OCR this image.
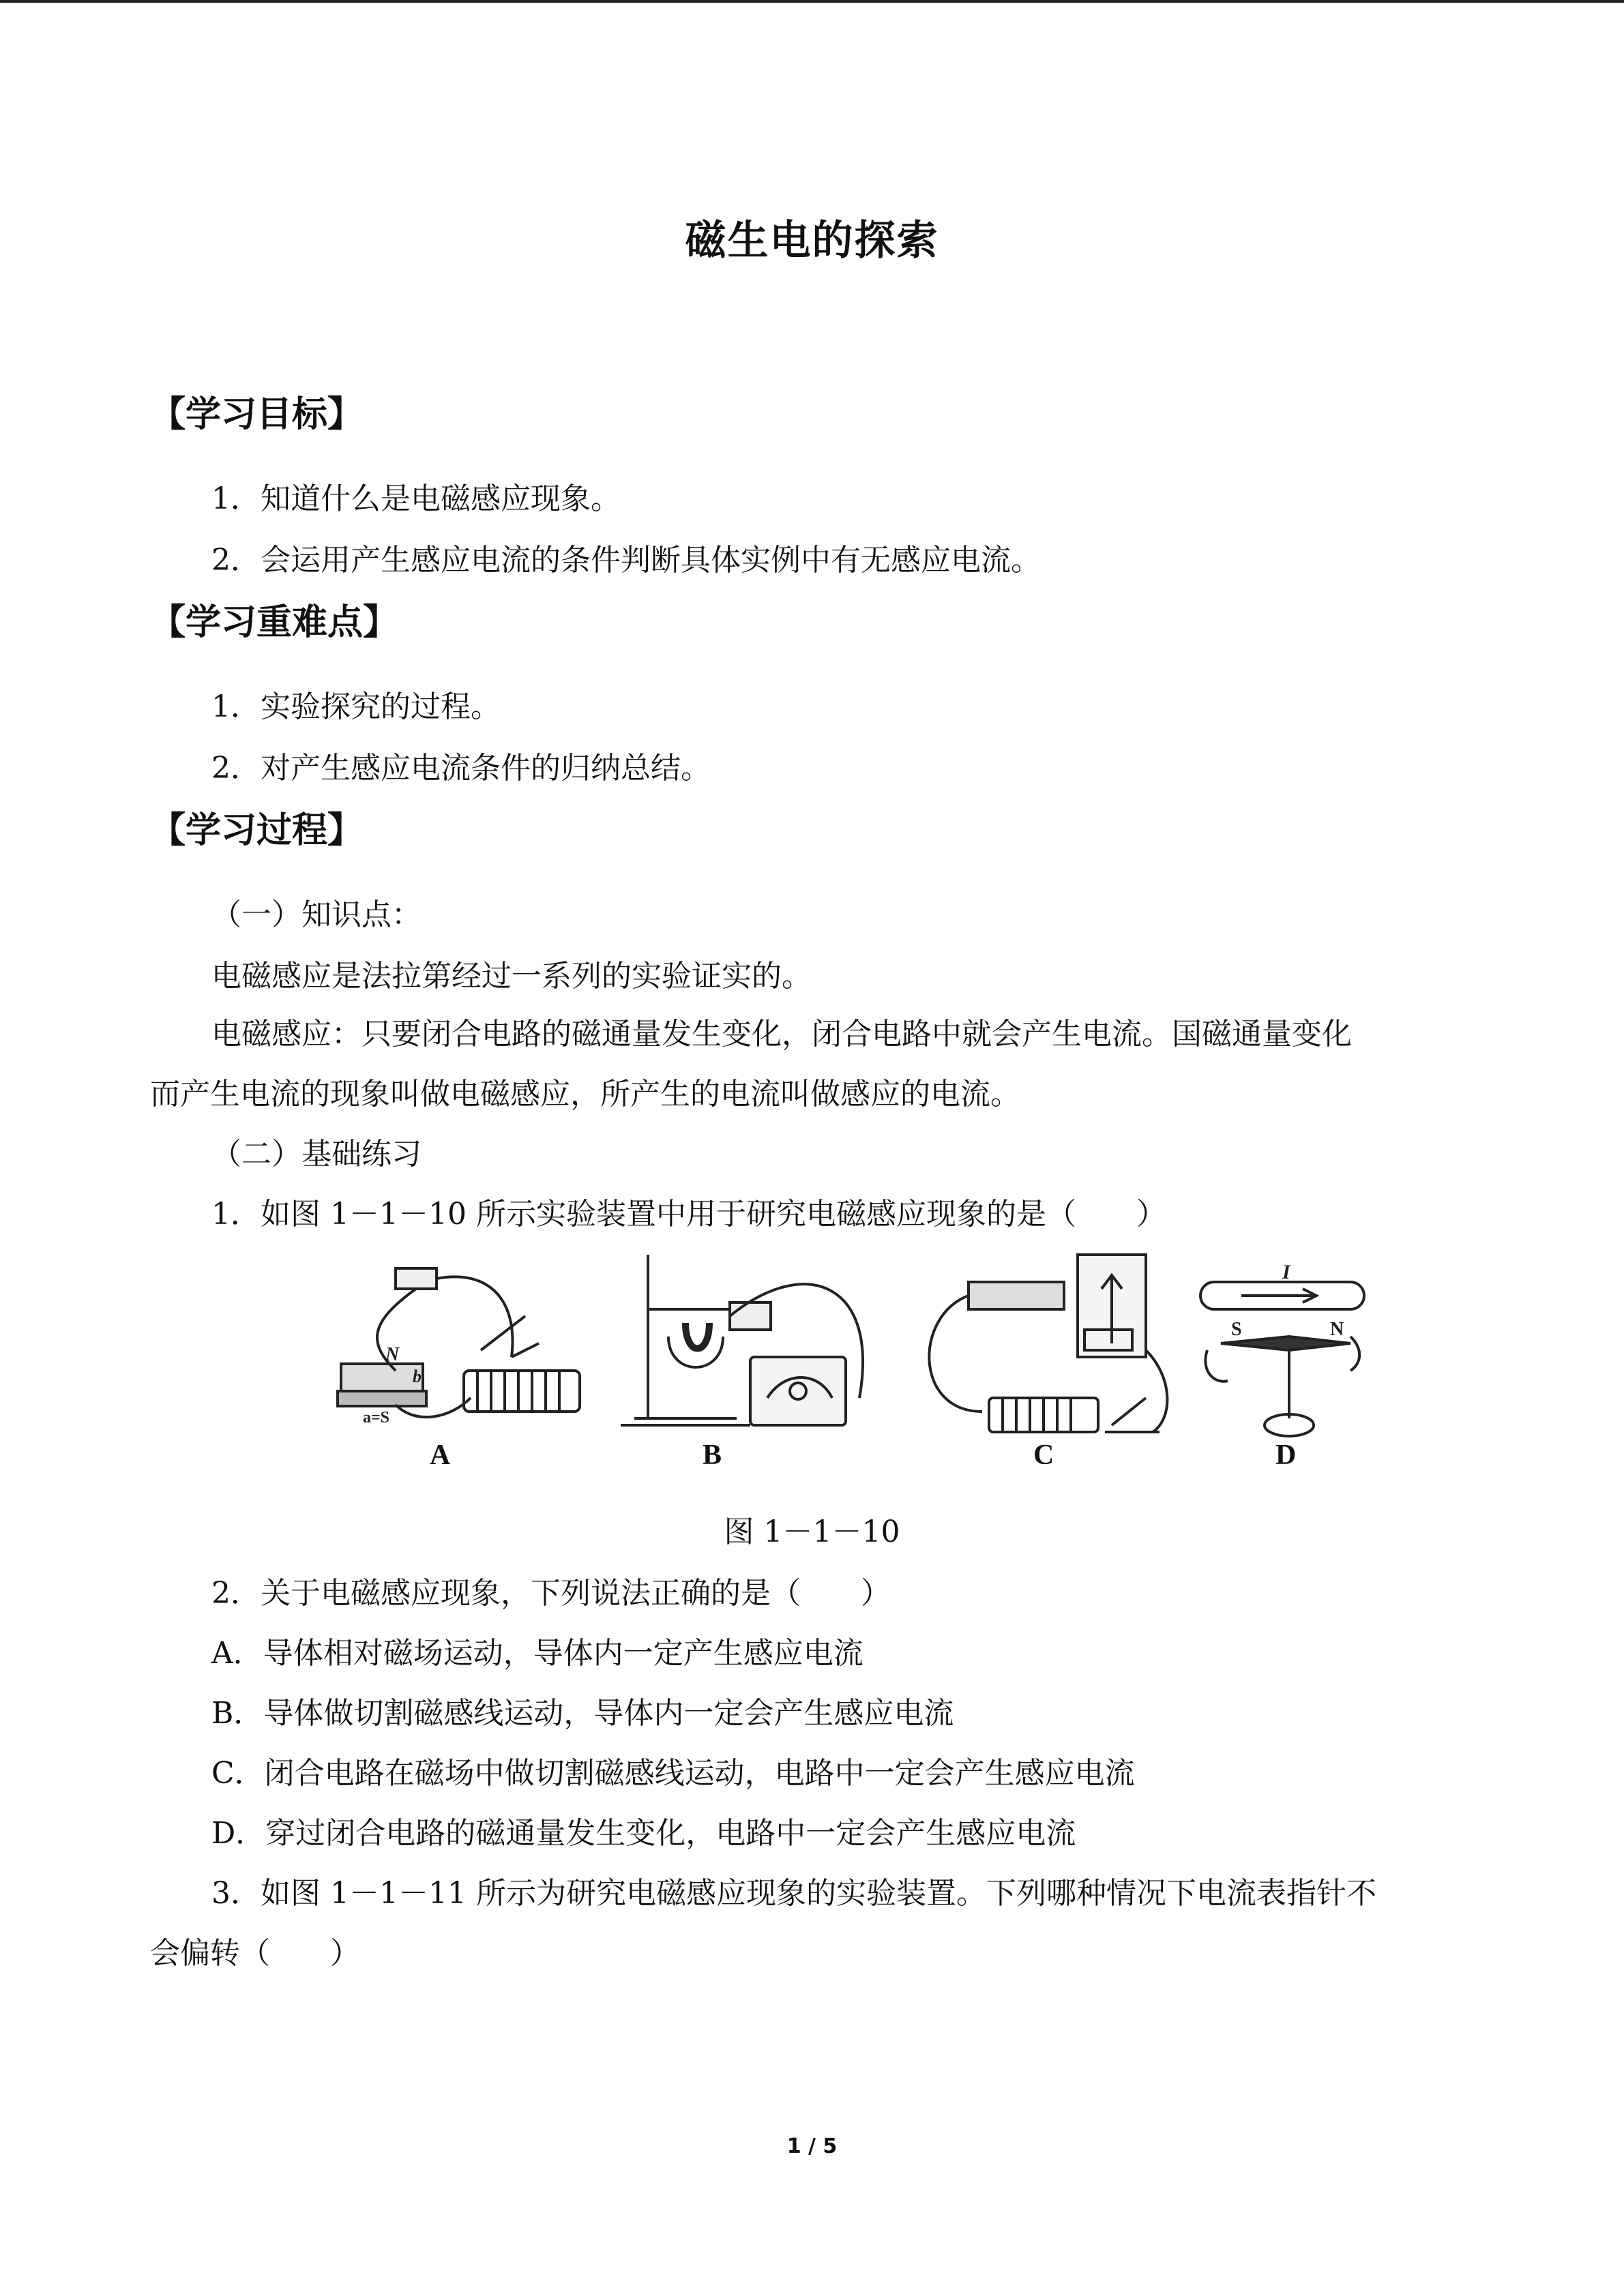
磁生电的探索
【学习目标】
1．知道什么是电磁感应现象。
2．会运用产生感应电流的条件判断具体实例中有无感应电流。
【学习重难点】
1．实验探究的过程。
2．对产生感应电流条件的归纳总结。
【学习过程】
（一）知识点：
电磁感应是法拉第经过一系列的实验证实的。
电磁感应：只要闭合电路的磁通量发生变化，闭合电路中就会产生电流。国磁通量变化
而产生电流的现象叫做电磁感应，所产生的电流叫做感应的电流。
（二）基础练习
1．如图 1－1－10 所示实验装置中用于研究电磁感应现象的是（　　）
N
b
a=S
I
S	N
A	B	C	D
图 1－1－10
2．关于电磁感应现象，下列说法正确的是（　　）
A．导体相对磁场运动，导体内一定产生感应电流
B．导体做切割磁感线运动，导体内一定会产生感应电流
C．闭合电路在磁场中做切割磁感线运动，电路中一定会产生感应电流
D．穿过闭合电路的磁通量发生变化，电路中一定会产生感应电流
3．如图 1－1－11 所示为研究电磁感应现象的实验装置。下列哪种情况下电流表指针不
会偏转（　　）
1 / 5
